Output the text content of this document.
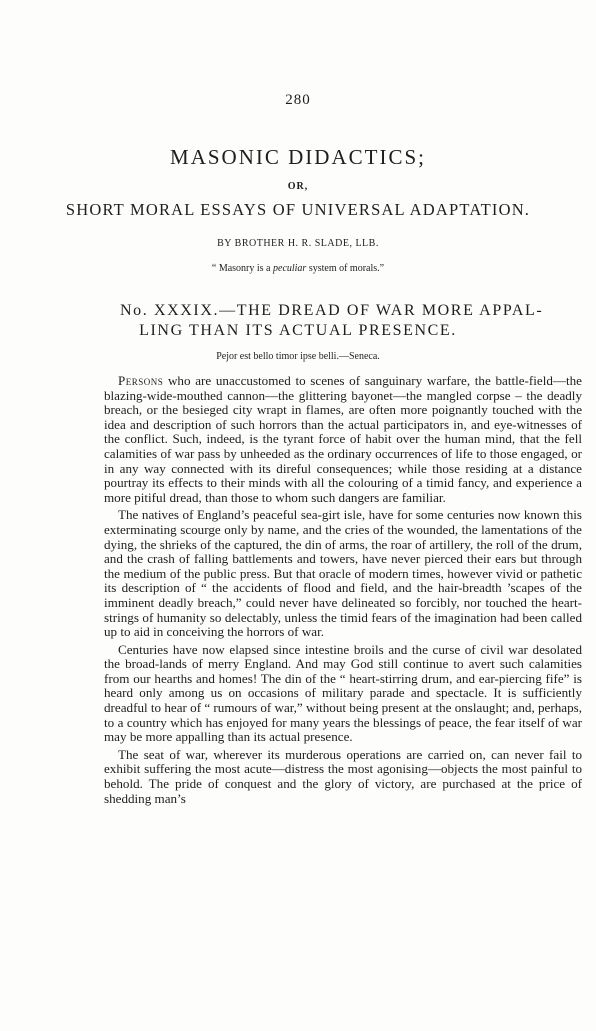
280
MASONIC DIDACTICS;
OR,
SHORT MORAL ESSAYS OF UNIVERSAL ADAPTATION.
BY BROTHER H. R. SLADE, LLB.
“ Masonry is a peculiar system of morals.”
No. XXXIX.—THE DREAD OF WAR MORE APPAL-
LING THAN ITS ACTUAL PRESENCE.
Pejor est bello timor ipse belli.—Seneca.

Persons who are unaccustomed to scenes of sanguinary warfare, the battle-field—the blazing-wide-mouthed cannon—the glittering bayonet—the mangled corpse – the deadly breach, or the besieged city wrapt in flames, are often more poignantly touched with the idea and description of such horrors than the actual participators in, and eye-witnesses of the conflict. Such, indeed, is the tyrant force of habit over the human mind, that the fell calamities of war pass by unheeded as the ordinary occurrences of life to those engaged, or in any way connected with its direful consequences; while those residing at a distance pourtray its effects to their minds with all the colouring of a timid fancy, and experience a more pitiful dread, than those to whom such dangers are familiar.

The natives of England’s peaceful sea-girt isle, have for some centuries now known this exterminating scourge only by name, and the cries of the wounded, the lamentations of the dying, the shrieks of the captured, the din of arms, the roar of artillery, the roll of the drum, and the crash of falling battlements and towers, have never pierced their ears but through the medium of the public press. But that oracle of modern times, however vivid or pathetic its description of “ the accidents of flood and field, and the hair-breadth ’scapes of the imminent deadly breach,” could never have delineated so forcibly, nor touched the heart-strings of humanity so delectably, unless the timid fears of the imagination had been called up to aid in conceiving the horrors of war.

Centuries have now elapsed since intestine broils and the curse of civil war desolated the broad-lands of merry England. And may God still continue to avert such calamities from our hearths and homes! The din of the “ heart-stirring drum, and ear-piercing fife” is heard only among us on occasions of military parade and spectacle. It is sufficiently dreadful to hear of “ rumours of war,” without being present at the onslaught; and, perhaps, to a country which has enjoyed for many years the blessings of peace, the fear itself of war may be more appalling than its actual presence.

The seat of war, wherever its murderous operations are carried on, can never fail to exhibit suffering the most acute—distress the most agonising—objects the most painful to behold. The pride of conquest and the glory of victory, are purchased at the price of shedding man’s
